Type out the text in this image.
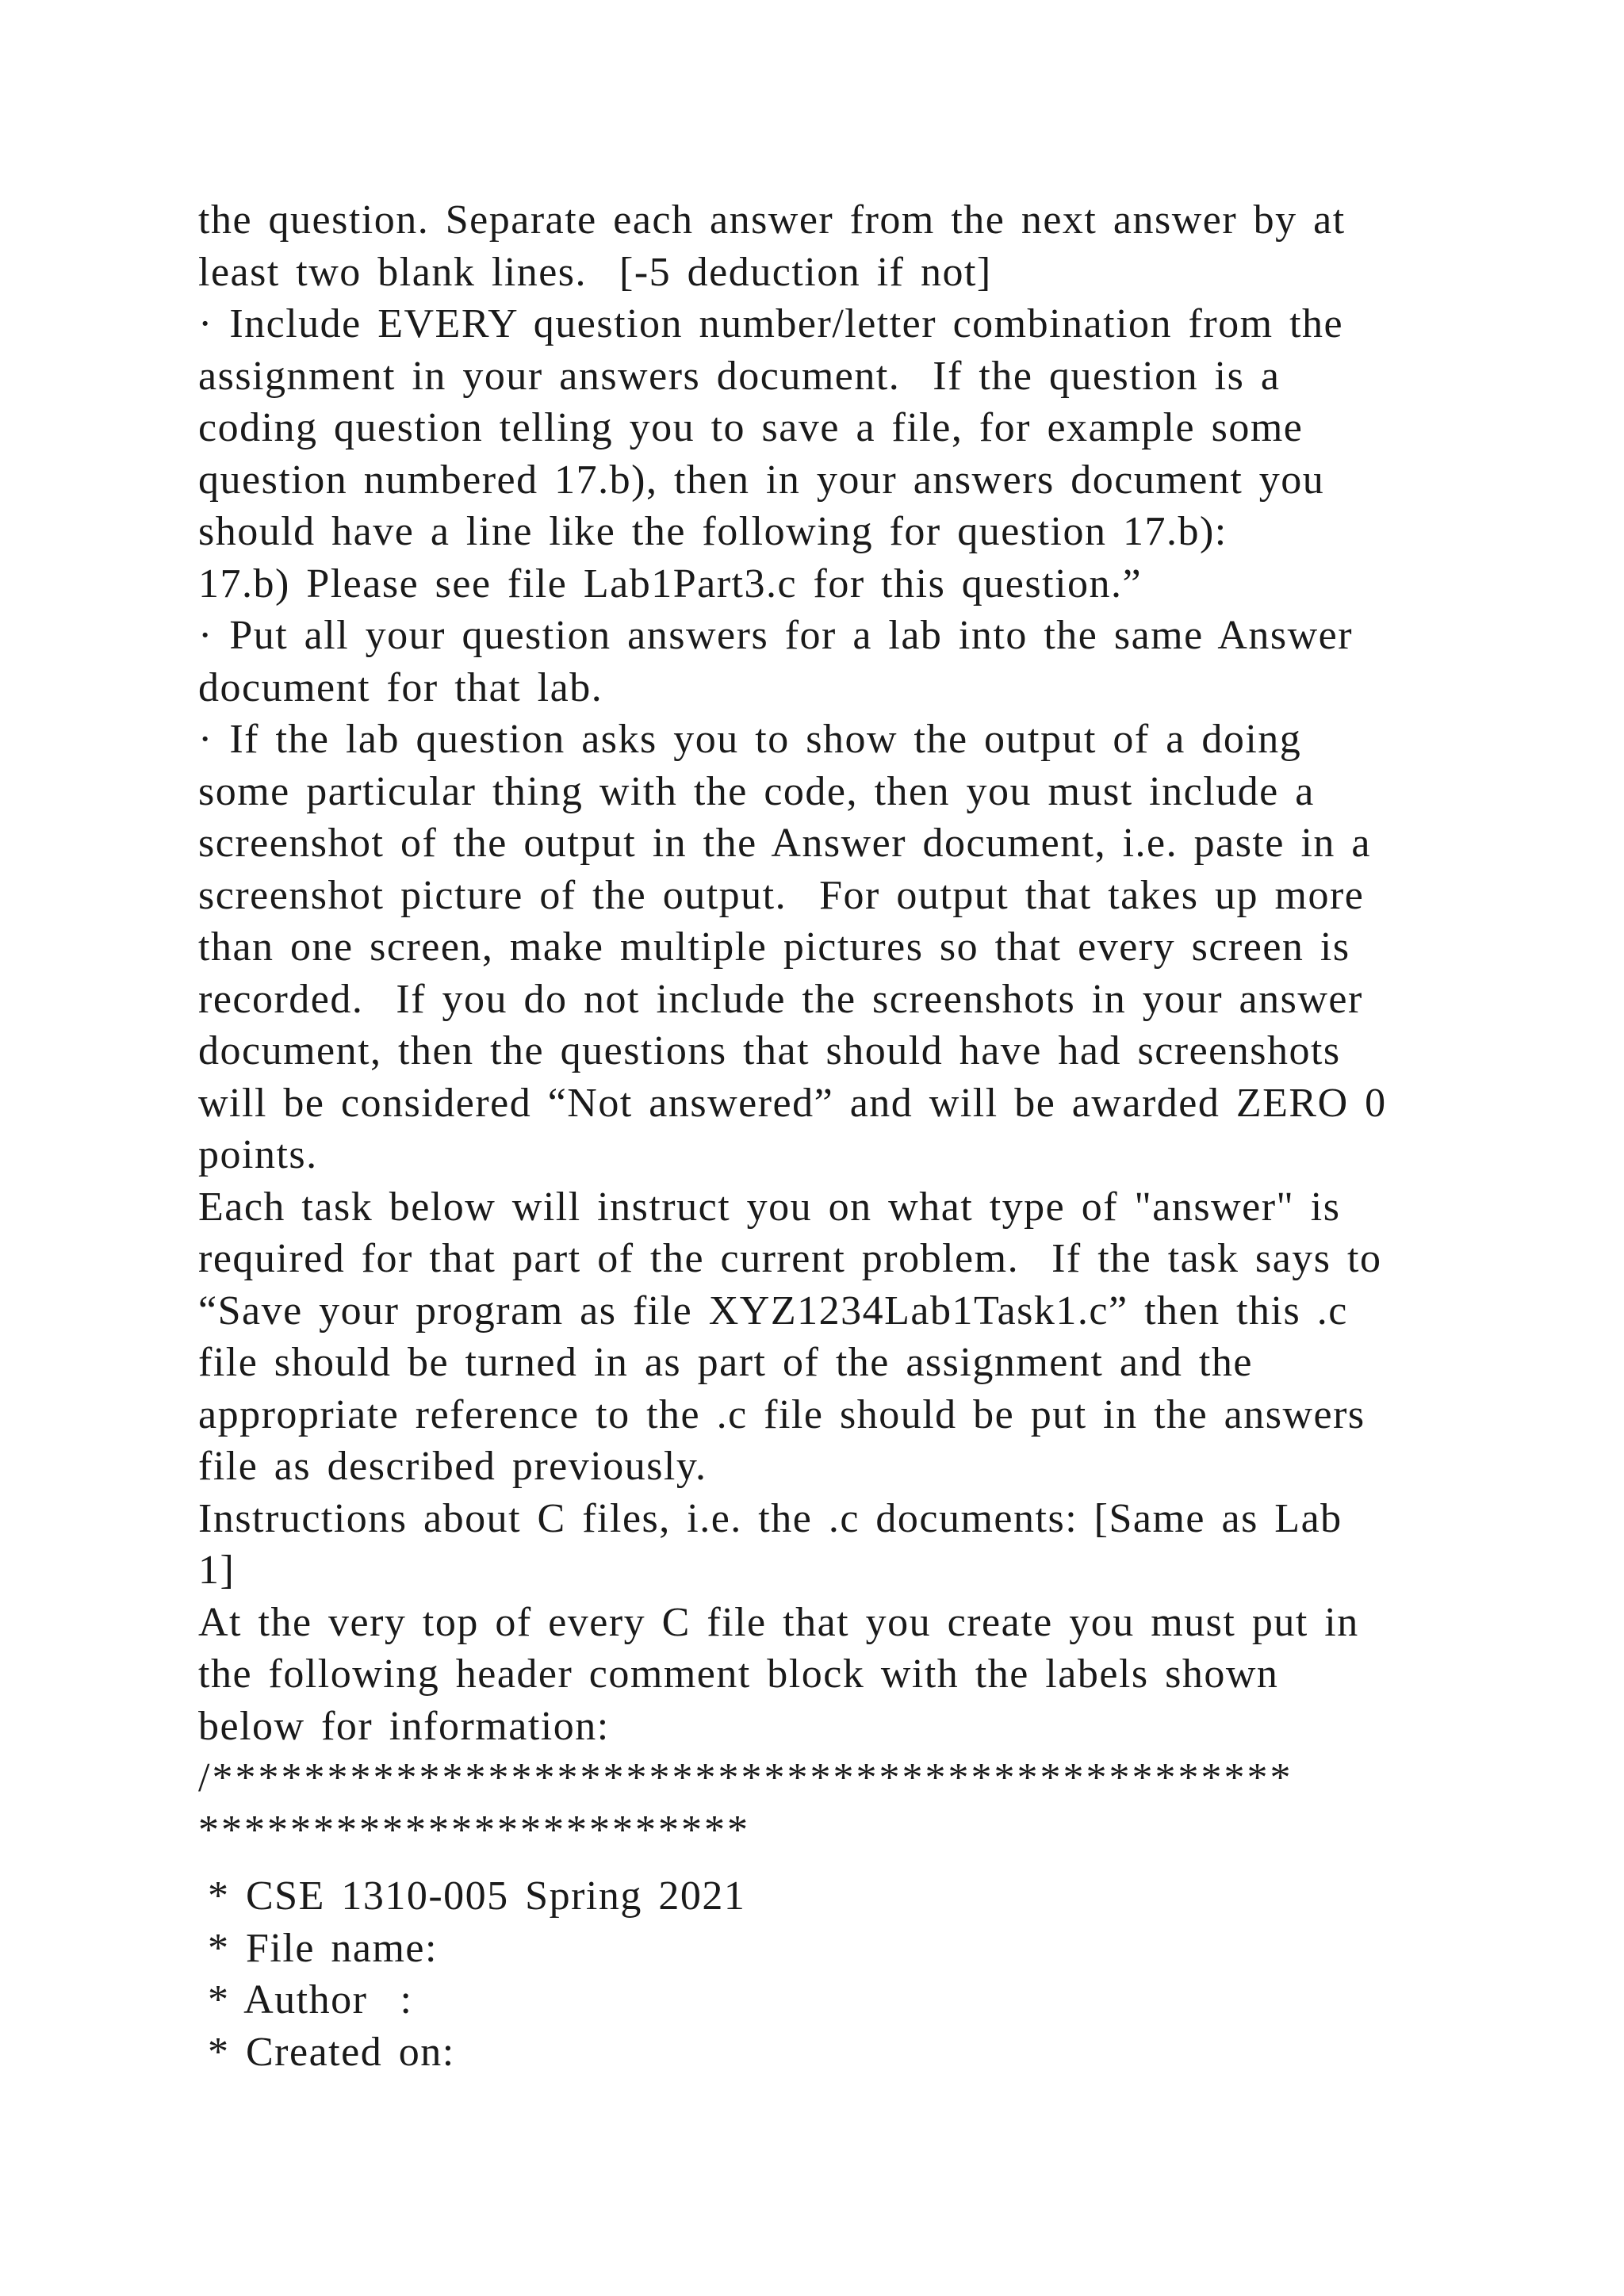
the question. Separate each answer from the next answer by at
least two blank lines.  [-5 deduction if not]
· Include EVERY question number/letter combination from the
assignment in your answers document.  If the question is a
coding question telling you to save a file, for example some
question numbered 17.b), then in your answers document you
should have a line like the following for question 17.b):
17.b) Please see file Lab1Part3.c for this question.”
· Put all your question answers for a lab into the same Answer
document for that lab.
· If the lab question asks you to show the output of a doing
some particular thing with the code, then you must include a
screenshot of the output in the Answer document, i.e. paste in a
screenshot picture of the output.  For output that takes up more
than one screen, make multiple pictures so that every screen is
recorded.  If you do not include the screenshots in your answer
document, then the questions that should have had screenshots
will be considered “Not answered” and will be awarded ZERO 0
points.
Each task below will instruct you on what type of "answer" is
required for that part of the current problem.  If the task says to
“Save your program as file XYZ1234Lab1Task1.c” then this .c
file should be turned in as part of the assignment and the
appropriate reference to the .c file should be put in the answers
file as described previously.
Instructions about C files, i.e. the .c documents: [Same as Lab
1]
At the very top of every C file that you create you must put in
the following header comment block with the labels shown
below for information:
/***********************************************
************************
* CSE 1310-005 Spring 2021
* File name:
* Author  :
* Created on:
